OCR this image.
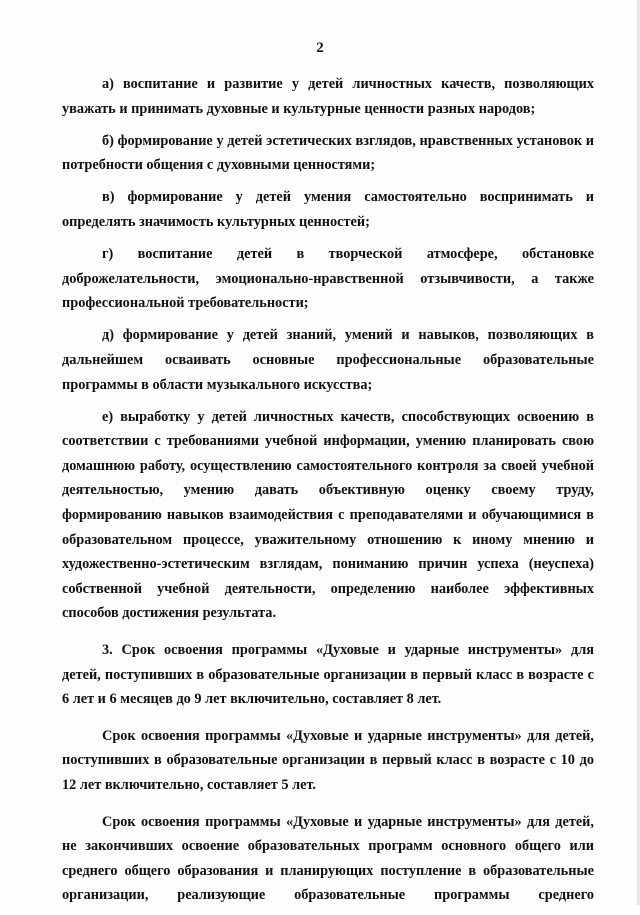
2

а) воспитание и развитие у детей личностных качеств, позволяющих уважать и принимать духовные и культурные ценности разных народов;

б) формирование у детей эстетических взглядов, нравственных установок и потребности общения с духовными ценностями;

в) формирование у детей умения самостоятельно воспринимать и определять значимость культурных ценностей;

г) воспитание детей в творческой атмосфере, обстановке доброжелательности, эмоционально-нравственной отзывчивости, а также профессиональной требовательности;

д) формирование у детей знаний, умений и навыков, позволяющих в дальнейшем осваивать основные профессиональные образовательные программы в области музыкального искусства;

е) выработку у детей личностных качеств, способствующих освоению в соответствии с требованиями учебной информации, умению планировать свою домашнюю работу, осуществлению самостоятельного контроля за своей учебной деятельностью, умению давать объективную оценку своему труду, формированию навыков взаимодействия с преподавателями и обучающимися в образовательном процессе, уважительному отношению к иному мнению и художественно-эстетическим взглядам, пониманию причин успеха (неуспеха) собственной учебной деятельности, определению наиболее эффективных способов достижения результата.

3. Срок освоения программы «Духовые и ударные инструменты» для детей, поступивших в образовательные организации в первый класс в возрасте с 6 лет и 6 месяцев до 9 лет включительно, составляет 8 лет.

Срок освоения программы «Духовые и ударные инструменты» для детей, поступивших в образовательные организации в первый класс в возрасте с 10 до 12 лет включительно, составляет 5 лет.

Срок освоения программы «Духовые и ударные инструменты» для детей, не закончивших освоение образовательных программ основного общего или среднего общего образования и планирующих поступление в образовательные организации, реализующие образовательные программы среднего
